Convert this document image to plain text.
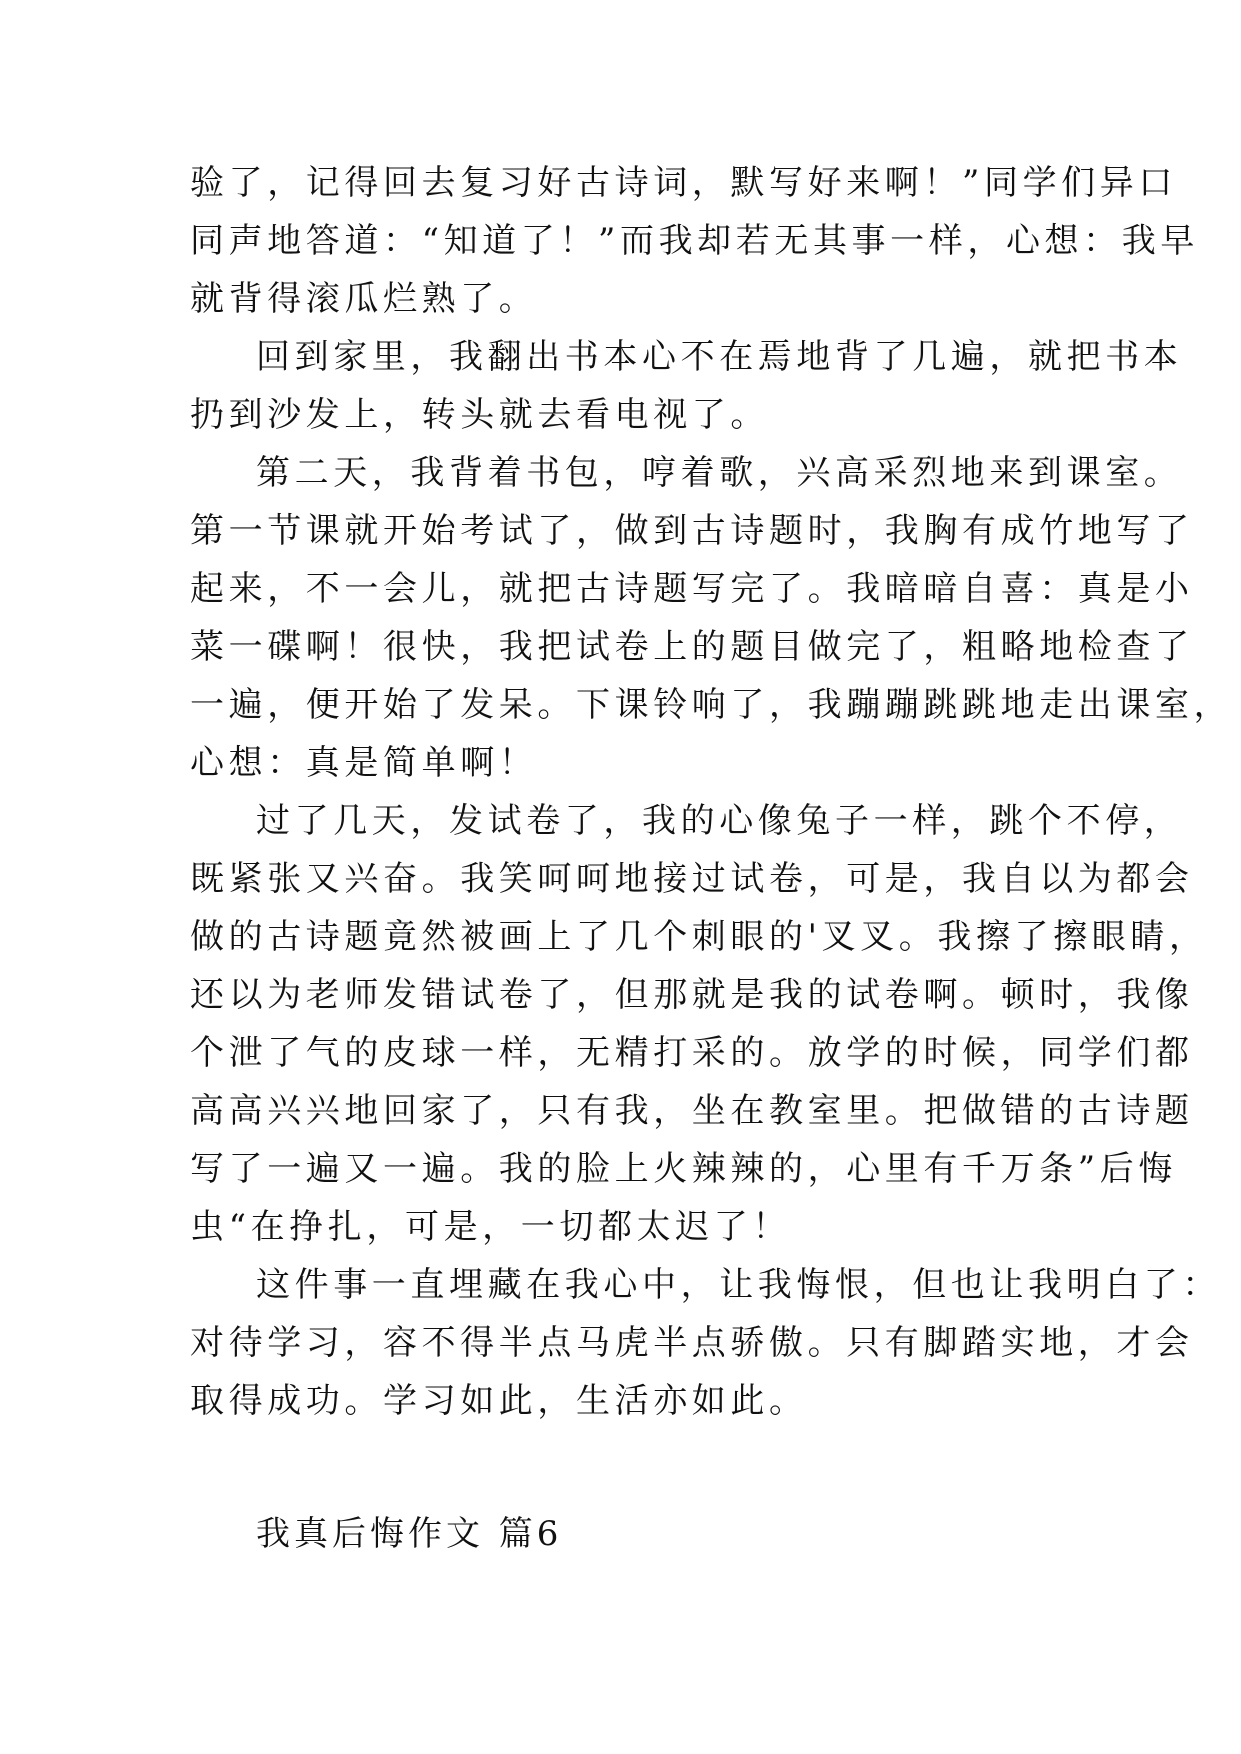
验了，记得回去复习好古诗词，默写好来啊！”同学们异口
同声地答道：“知道了！”而我却若无其事一样，心想：我早
就背得滚瓜烂熟了。
回到家里，我翻出书本心不在焉地背了几遍，就把书本
扔到沙发上，转头就去看电视了。
第二天，我背着书包，哼着歌，兴高采烈地来到课室。
第一节课就开始考试了，做到古诗题时，我胸有成竹地写了
起来，不一会儿，就把古诗题写完了。我暗暗自喜：真是小
菜一碟啊！很快，我把试卷上的题目做完了，粗略地检查了
一遍，便开始了发呆。下课铃响了，我蹦蹦跳跳地走出课室，
心想：真是简单啊！
过了几天，发试卷了，我的心像兔子一样，跳个不停，
既紧张又兴奋。我笑呵呵地接过试卷，可是，我自以为都会
做的古诗题竟然被画上了几个刺眼的'叉叉。我擦了擦眼睛，
还以为老师发错试卷了，但那就是我的试卷啊。顿时，我像
个泄了气的皮球一样，无精打采的。放学的时候，同学们都
高高兴兴地回家了，只有我，坐在教室里。把做错的古诗题
写了一遍又一遍。我的脸上火辣辣的，心里有千万条”后悔
虫“在挣扎，可是，一切都太迟了！
这件事一直埋藏在我心中，让我悔恨，但也让我明白了：
对待学习，容不得半点马虎半点骄傲。只有脚踏实地，才会
取得成功。学习如此，生活亦如此。
我真后悔作文 篇6
